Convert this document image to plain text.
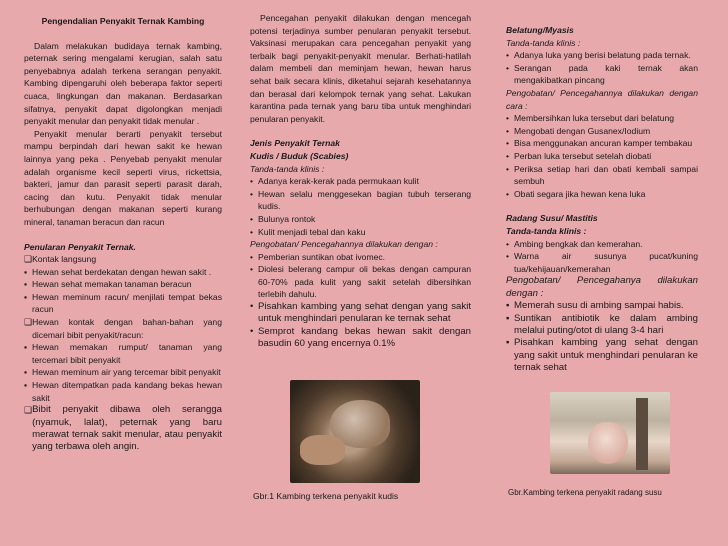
Pengendalian Penyakit Ternak Kambing
Dalam melakukan budidaya ternak kambing, peternak sering mengalami kerugian, salah satu penyebabnya adalah terkena serangan penyakit. Kambing dipengaruhi oleh beberapa faktor seperti cuaca, lingkungan dan makanan. Berdasarkan sifatnya, penyakit dapat digolongkan menjadi penyakit menular dan penyakit tidak menular .
Penyakit menular berarti penyakit tersebut mampu berpindah dari hewan sakit ke hewan lainnya yang peka . Penyebab penyakit menular adalah organisme kecil seperti virus, rickettsia, bakteri, jamur dan parasit seperti parasit darah, cacing dan kutu. Penyakit tidak menular berhubungan dengan makanan seperti kurang mineral, tanaman beracun dan racun
Penularan Penyakit Ternak.
❑ Kontak langsung
▪ Hewan sehat berdekatan dengan hewan sakit .
▪ Hewan sehat memakan tanaman beracun
▪ Hewan meminum racun/ menjilati tempat bekas racun
❑ Hewan kontak dengan bahan-bahan yang dicemari bibit penyakit/racun:
▪ Hewan memakan rumput/ tanaman yang tercemari bibit penyakit
▪ Hewan meminum air yang tercemar bibit penyakit
▪ Hewan ditempatkan pada kandang bekas hewan sakit
❑ Bibit penyakit dibawa oleh serangga (nyamuk, lalat), peternak yang baru merawat ternak sakit menular, atau penyakit yang terbawa oleh angin.
Pencegahan penyakit dilakukan dengan mencegah potensi terjadinya sumber penularan penyakit tersebut. Vaksinasi merupakan cara pencegahan penyakit yang terbaik bagi penyakit-penyakit menular. Berhati-hatilah dalam membeli dan meminjam hewan, hewan harus sehat baik secara klinis, diketahui sejarah kesehatannya dan berasal dari kelompok ternak yang sehat. Lakukan karantina pada ternak yang baru tiba untuk menghindari penularan penyakit.
Jenis Penyakit Ternak
Kudis / Buduk (Scabies)
Tanda-tanda klinis :
• Adanya kerak-kerak pada permukaan kulit
• Hewan selalu menggesekan bagian tubuh terserang kudis.
• Bulunya rontok
• Kulit menjadi tebal dan kaku
Pengobatan/ Pencegahannya dilakukan dengan :
• Pemberian suntikan obat ivomec.
• Diolesi belerang campur oli bekas dengan campuran 60-70% pada kulit yang sakit setelah dibersihkan terlebih dahulu.
• Pisahkan kambing yang sehat dengan yang sakit untuk menghindari penularan ke ternak sehat
• Semprot kandang bekas hewan sakit dengan basudin 60 yang encernya 0.1%
Gbr.1 Kambing terkena penyakit kudis
Belatung/Myasis
Tanda-tanda klinis :
• Adanya luka yang berisi belatung pada ternak.
• Serangan pada kaki ternak akan mengakibatkan pincang
Pengobatan/ Pencegahannya dilakukan dengan cara :
• Membersihkan luka tersebut dari belatung
• Mengobati dengan Gusanex/Iodium
• Bisa menggunakan ancuran kamper tembakau
• Perban luka tersebut setelah diobati
• Periksa setiap hari dan obati kembali sampai sembuh
• Obati segara jika hewan kena luka
Radang Susu/ Mastitis
Tanda-tanda klinis :
• Ambing bengkak dan kemerahan.
• Warna air susunya pucat/kuning tua/kehijauan/kemerahan
Pengobatan/ Pencegahanya dilakukan dengan :
▪ Memerah susu di ambing sampai habis.
▪ Suntikan antibiotik ke dalam ambing melalui puting/otot di ulang 3-4 hari
▪ Pisahkan kambing yang sehat dengan yang sakit untuk menghindari penularan ke ternak sehat
Gbr.Kambing terkena penyakit radang susu
